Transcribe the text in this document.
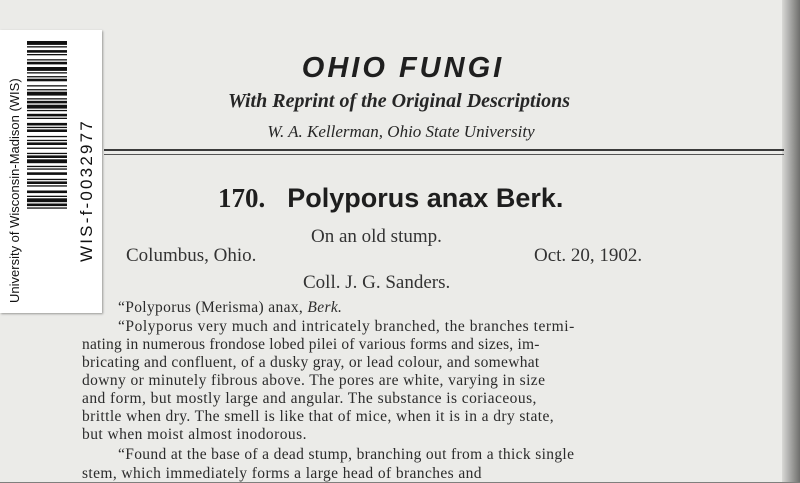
OHIO FUNGI
With Reprint of the Original Descriptions
W. A. Kellerman, Ohio State University
170. Polyporus anax Berk.
On an old stump.
Columbus, Ohio.	Oct. 20, 1902.
Coll. J. G. Sanders.
“Polyporus (Merisma) anax, Berk.
“Polyporus very much and intricately branched, the branches termi-
nating in numerous frondose lobed pilei of various forms and sizes, im-
bricating and confluent, of a dusky gray, or lead colour, and somewhat
downy or minutely fibrous above. The pores are white, varying in size
and form, but mostly large and angular. The substance is coriaceous,
brittle when dry. The smell is like that of mice, when it is in a dry state,
but when moist almost inodorous.
“Found at the base of a dead stump, branching out from a thick single
stem, which immediately forms a large head of branches and
University of Wisconsin-Madison (WIS)	WIS-f-0032977
